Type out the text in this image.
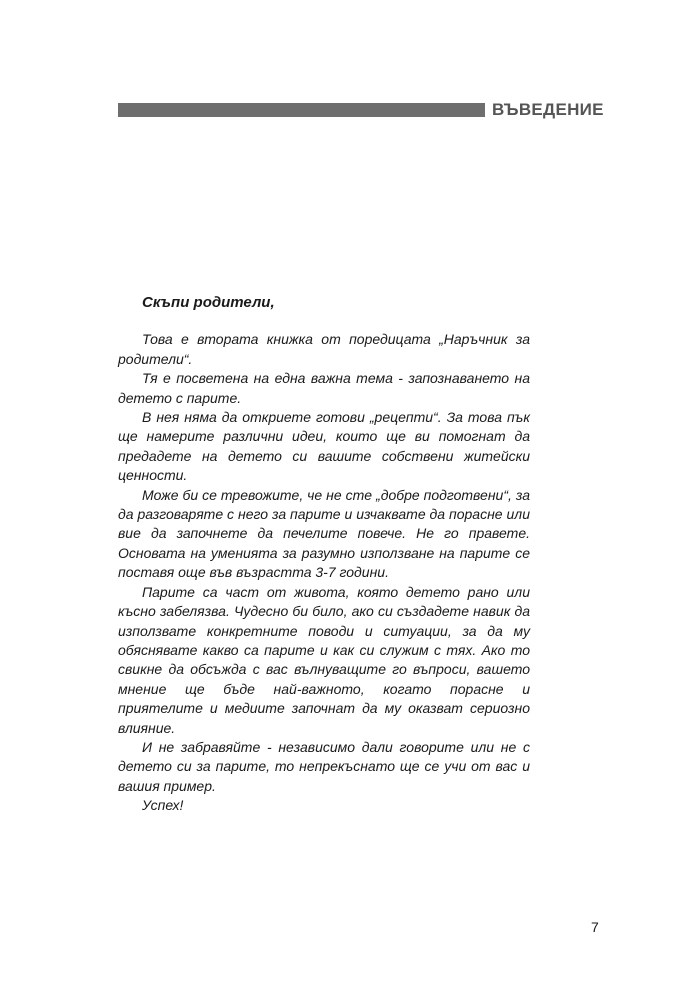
ВЪВЕДЕНИЕ
Скъпи родители,

Това е втората книжка от поредицата „Наръчник за родители“.

Тя е посветена на една важна тема - запознаването на детето с парите.

В нея няма да откриете готови „рецепти“. За това пък ще намерите различни идеи, които ще ви помогнат да предадете на детето си вашите собствени житейски ценности.

Може би се тревожите, че не сте „добре подготвени“, за да разговаряте с него за парите и изчаквате да порасне или вие да започнете да печелите повече. Не го правете. Основата на уменията за разумно използване на парите се поставя още във възрастта 3-7 години.

Парите са част от живота, която детето рано или късно забелязва. Чудесно би било, ако си създадете навик да използвате конкретните поводи и ситуации, за да му обяснявате какво са парите и как си служим с тях. Ако то свикне да обсъжда с вас вълнуващите го въпроси, вашето мнение ще бъде най-важното, когато порасне и приятелите и медиите започнат да му оказват сериозно влияние.

И не забравяйте - независимо дали говорите или не с детето си за парите, то непрекъснато ще се учи от вас и вашия пример.

Успех!

7
